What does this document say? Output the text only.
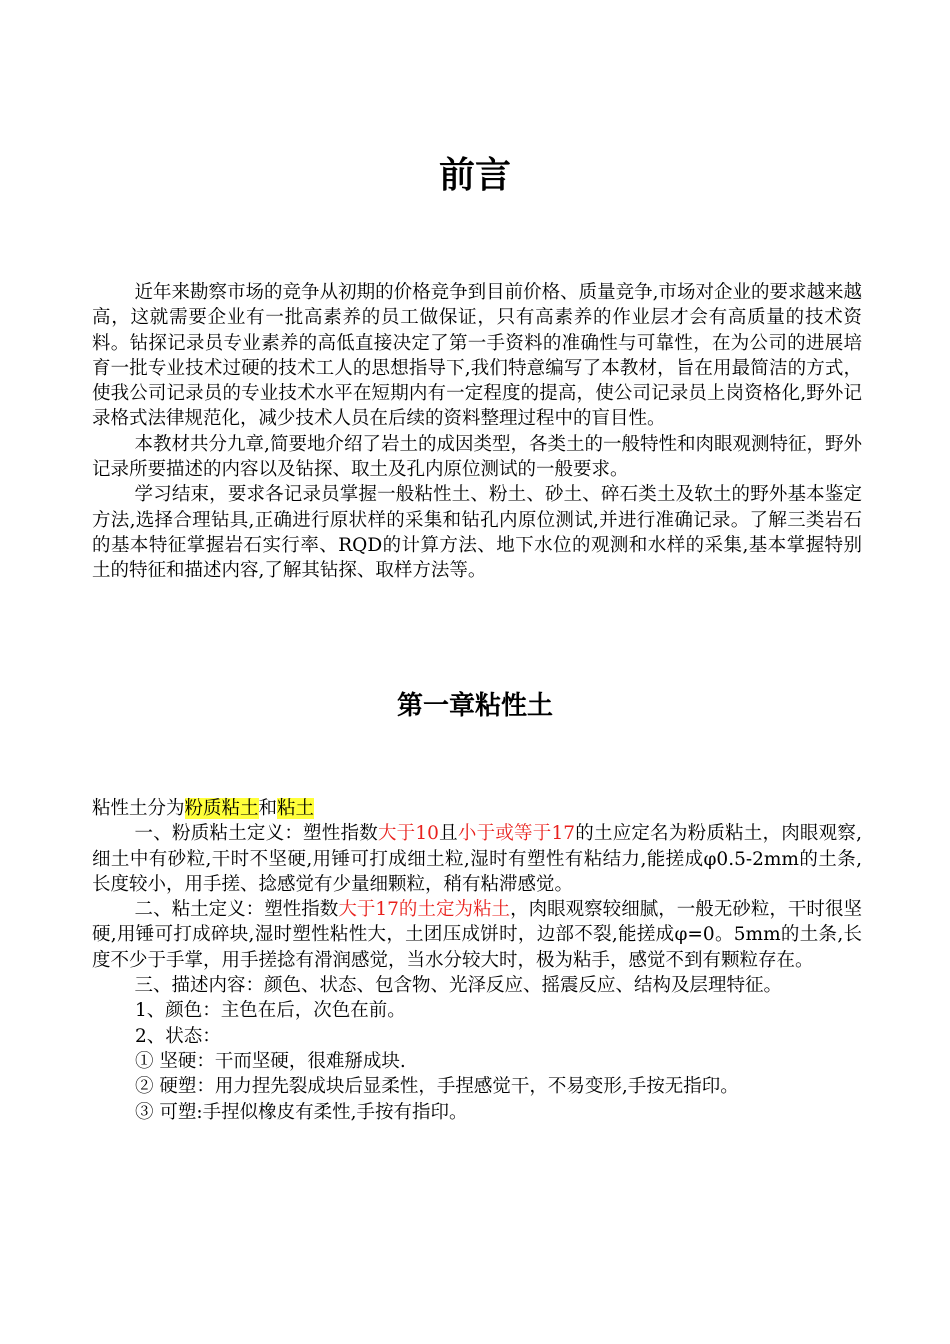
前言

近年来勘察市场的竞争从初期的价格竞争到目前价格、质量竞争,市场对企业的要求越来越高，这就需要企业有一批高素养的员工做保证，只有高素养的作业层才会有高质量的技术资料。钻探记录员专业素养的高低直接决定了第一手资料的准确性与可靠性，在为公司的进展培育一批专业技术过硬的技术工人的思想指导下,我们特意编写了本教材，旨在用最简洁的方式，使我公司记录员的专业技术水平在短期内有一定程度的提高，使公司记录员上岗资格化,野外记录格式法律规范化，减少技术人员在后续的资料整理过程中的盲目性。

本教材共分九章,简要地介绍了岩土的成因类型，各类土的一般特性和肉眼观测特征，野外记录所要描述的内容以及钻探、取土及孔内原位测试的一般要求。

学习结束，要求各记录员掌握一般粘性土、粉土、砂土、碎石类土及软土的野外基本鉴定方法,选择合理钻具,正确进行原状样的采集和钻孔内原位测试,并进行准确记录。了解三类岩石的基本特征掌握岩石实行率、RQD的计算方法、地下水位的观测和水样的采集,基本掌握特别土的特征和描述内容,了解其钻探、取样方法等。

第一章粘性土

粘性土分为粉质粘土和粘土

一、粉质粘土定义：塑性指数大于10且小于或等于17的土应定名为粉质粘土，肉眼观察,细土中有砂粒,干时不坚硬,用锤可打成细土粒,湿时有塑性有粘结力,能搓成φ0.5-2mm的土条,长度较小，用手搓、捻感觉有少量细颗粒，稍有粘滞感觉。

二、粘土定义：塑性指数大于17的土定为粘土，肉眼观察较细腻，一般无砂粒，干时很坚硬,用锤可打成碎块,湿时塑性粘性大，土团压成饼时，边部不裂,能搓成φ=0。5mm的土条,长度不少于手掌，用手搓捻有滑润感觉，当水分较大时，极为粘手，感觉不到有颗粒存在。

三、描述内容：颜色、状态、包含物、光泽反应、摇震反应、结构及层理特征。

1、颜色：主色在后，次色在前。

2、状态：

① 坚硬：干而坚硬，很难掰成块.

② 硬塑：用力捏先裂成块后显柔性，手捏感觉干，不易变形,手按无指印。

③ 可塑:手捏似橡皮有柔性,手按有指印。
